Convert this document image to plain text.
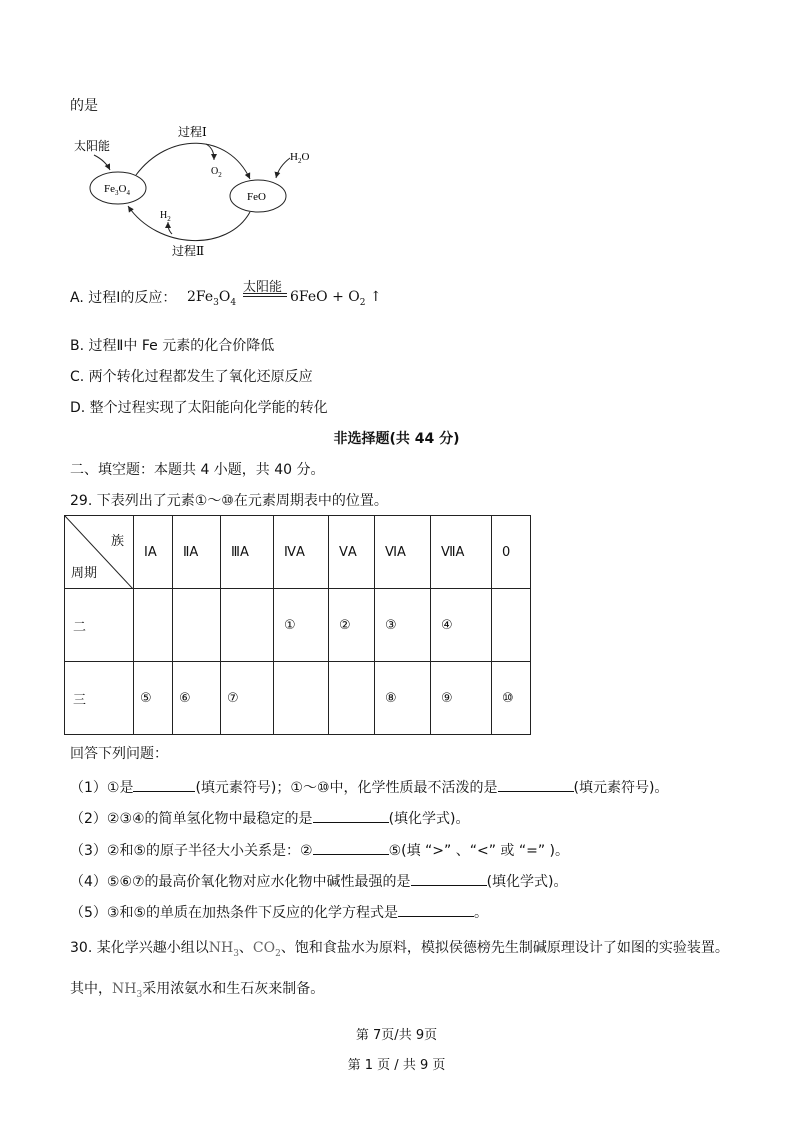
的是
$Fe_3O_4$	FeO
过程Ⅰ
$O_2$
太阳能
$H_2O$
过程Ⅱ
$H_2$
A. 过程Ⅰ的反应：
太阳能
$2Fe_3O_4$	$6FeO + O_2$ ↑
B. 过程Ⅱ中 Fe 元素的化合价降低
C. 两个转化过程都发生了氧化还原反应
D. 整个过程实现了太阳能向化学能的转化
非选择题(共 44 分)
二、填空题：本题共 4 小题，共 40 分。
29. 下表列出了元素①～⑩在元素周期表中的位置。
族
周期	ⅠA	ⅡA	ⅢA	ⅣA	ⅤA	ⅥA	ⅦA	0

二				①	②	③	④	

三	⑤	⑥	⑦			⑧	⑨	⑩
回答下列问题：
（1）①是	(填元素符号)；①～⑩中，化学性质最不活泼的是	(填元素符号)。
（2）②③④的简单氢化物中最稳定的是	(填化学式)。
（3）②和⑤的原子半径大小关系是：②	⑤(填 “>” 、“<” 或 “=” )。
（4）⑤⑥⑦的最高价氧化物对应水化物中碱性最强的是	(填化学式)。
（5）③和⑤的单质在加热条件下反应的化学方程式是	。
30. 某化学兴趣小组以$NH_3$、$CO_2$、饱和食盐水为原料，模拟侯德榜先生制碱原理设计了如图的实验装置。
其中，$NH_3$采用浓氨水和生石灰来制备。
第 7页/共 9页
第 1 页 / 共 9 页
